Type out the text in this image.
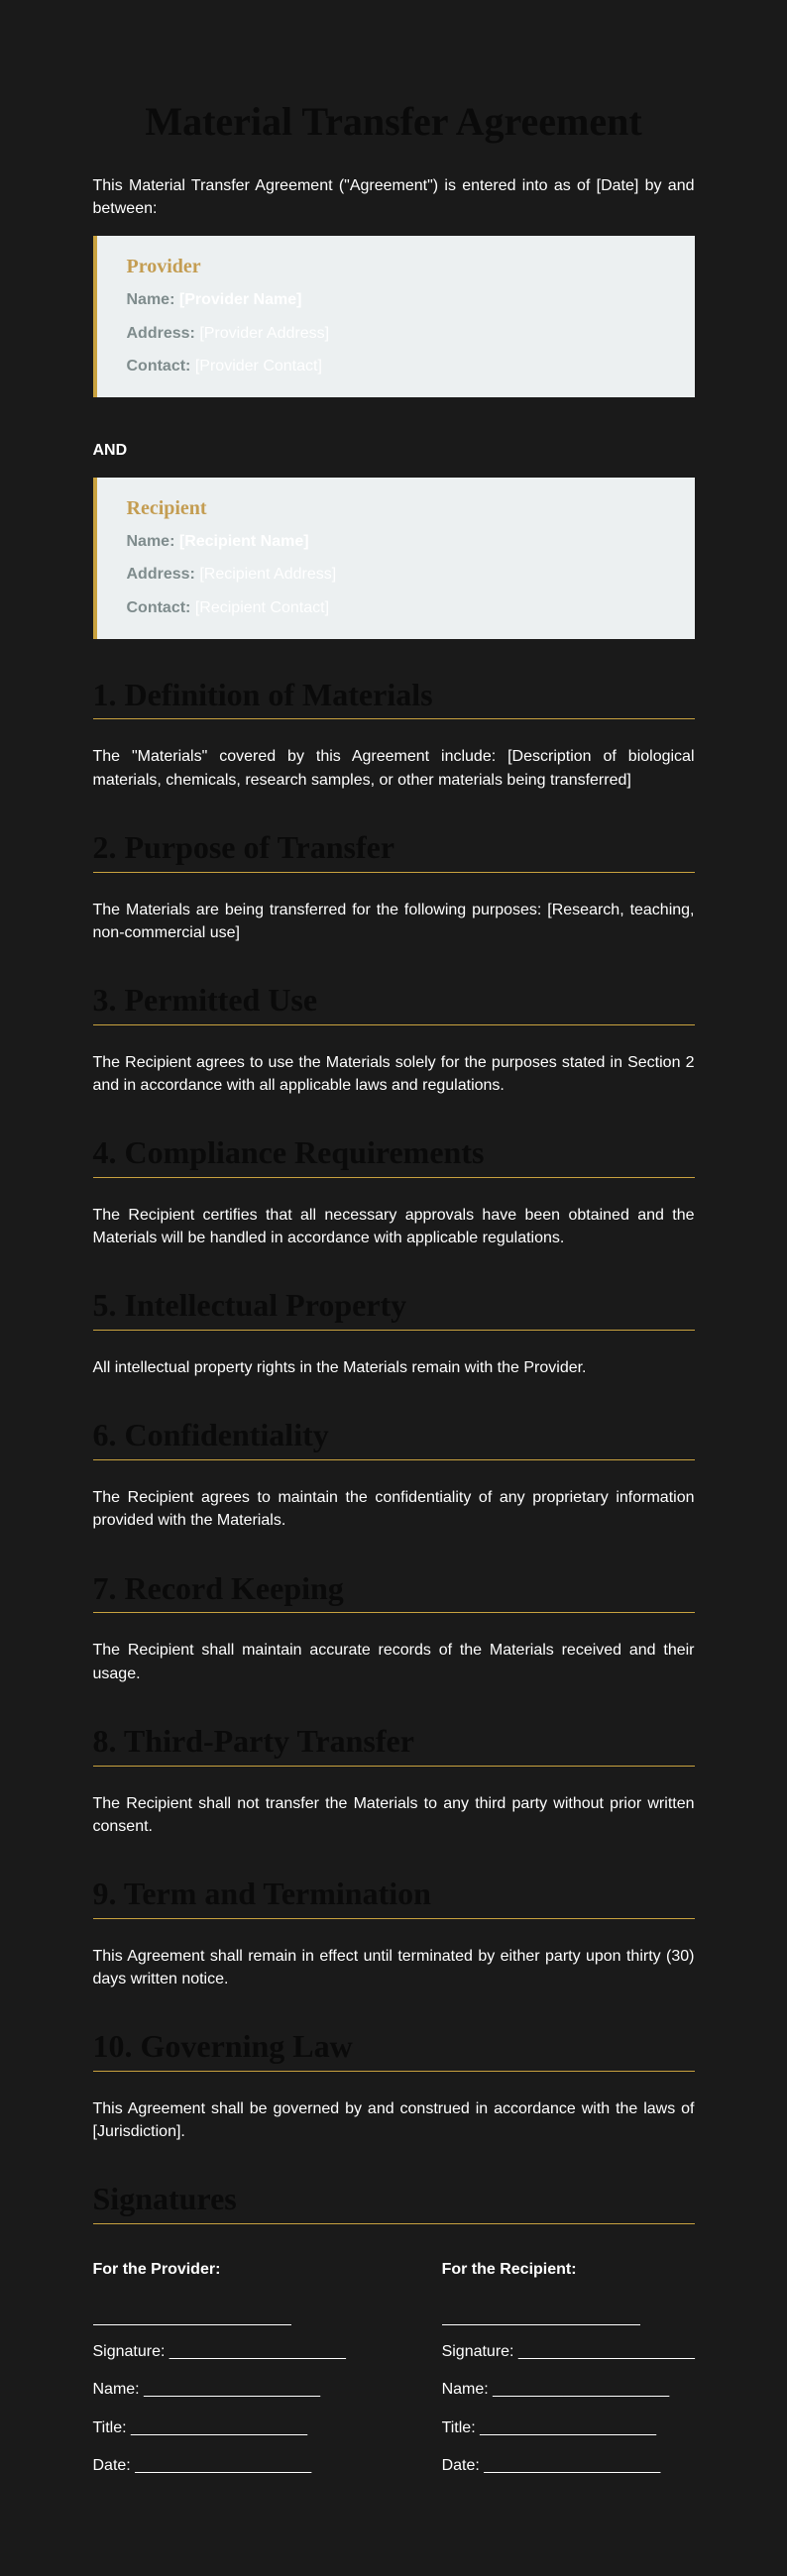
Material Transfer Agreement

This Material Transfer Agreement ("Agreement") is entered into as of [Date] by and between:

Provider

Name: [Provider Name]

Address: [Provider Address]

Contact: [Provider Contact]

AND

Recipient

Name: [Recipient Name]

Address: [Recipient Address]

Contact: [Recipient Contact]

1. Definition of Materials

The "Materials" covered by this Agreement include: [Description of biological materials, chemicals, research samples, or other materials being transferred]

2. Purpose of Transfer

The Materials are being transferred for the following purposes: [Research, teaching, non-commercial use]

3. Permitted Use

The Recipient agrees to use the Materials solely for the purposes stated in Section 2 and in accordance with all applicable laws and regulations.

4. Compliance Requirements

The Recipient certifies that all necessary approvals have been obtained and the Materials will be handled in accordance with applicable regulations.

5. Intellectual Property

All intellectual property rights in the Materials remain with the Provider.

6. Confidentiality

The Recipient agrees to maintain the confidentiality of any proprietary information provided with the Materials.

7. Record Keeping

The Recipient shall maintain accurate records of the Materials received and their usage.

8. Third-Party Transfer

The Recipient shall not transfer the Materials to any third party without prior written consent.

9. Term and Termination

This Agreement shall remain in effect until terminated by either party upon thirty (30) days written notice.

10. Governing Law

This Agreement shall be governed by and construed in accordance with the laws of [Jurisdiction].

Signatures

For the Provider:

Signature: ____________________

Name: ____________________

Title: ____________________

Date: ____________________

For the Recipient:

Signature: ____________________

Name: ____________________

Title: ____________________

Date: ____________________
